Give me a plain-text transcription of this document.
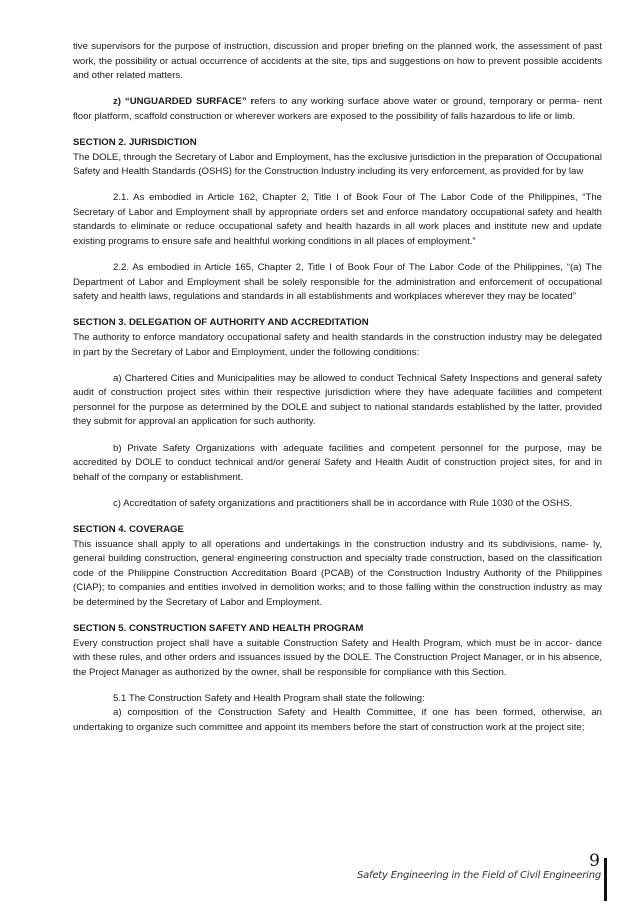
tive supervisors for the purpose of instruction, discussion and proper briefing on the planned work, the assessment of past work, the possibility or actual occurrence of accidents at the site, tips and suggestions on how to prevent possible accidents and other related matters.

z) “UNGUARDED SURFACE” refers to any working surface above water or ground, temporary or perma- nent floor platform, scaffold construction or wherever workers are exposed to the possibility of falls hazardous to life or limb.

SECTION 2. JURISDICTION
The DOLE, through the Secretary of Labor and Employment, has the exclusive jurisdiction in the preparation of Occupational Safety and Health Standards (OSHS) for the Construction Industry including its very enforcement, as provided for by law

2.1. As embodied in Article 162, Chapter 2, Title I of Book Four of The Labor Code of the Philippines, “The Secretary of Labor and Employment shall by appropriate orders set and enforce mandatory occupational safety and health standards to eliminate or reduce occupational safety and health hazards in all work places and institute new and update existing programs to ensure safe and healthful working conditions in all places of employment.”

2.2. As embodied in Article 165, Chapter 2, Title I of Book Four of The Labor Code of the Philippines, “(a) The Department of Labor and Employment shall be solely responsible for the administration and enforcement of occupational safety and health laws, regulations and standards in all establishments and workplaces wherever they may be located”

SECTION 3. DELEGATION OF AUTHORITY AND ACCREDITATION
The authority to enforce mandatory occupational safety and health standards in the construction industry may be delegated in part by the Secretary of Labor and Employment, under the following conditions:

a) Chartered Cities and Municipalities may be allowed to conduct Technical Safety Inspections and general safety audit of construction project sites within their respective jurisdiction where they have adequate facilities and competent personnel for the purpose as determined by the DOLE and subject to national standards established by the latter, provided they submit for approval an application for such authority.

b) Private Safety Organizations with adequate facilities and competent personnel for the purpose, may be accredited by DOLE to conduct technical and/or general Safety and Health Audit of construction project sites, for and in behalf of the company or establishment.

c) Accredtation of safety organizations and practitioners shall be in accordance with Rule 1030 of the OSHS.

SECTION 4. COVERAGE
This issuance shall apply to all operations and undertakings in the construction industry and its subdivisions, name- ly, general building construction, general engineering construction and specialty trade construction, based on the classification code of the Philippine Construction Accreditation Board (PCAB) of the Construction Industry Authority of the Philippines (CIAP); to companies and entities involved in demolition works; and to those falling within the construction industry as may be determined by the Secretary of Labor and Employment.

SECTION 5. CONSTRUCTION SAFETY AND HEALTH PROGRAM
Every construction project shall have a suitable Construction Safety and Health Program, which must be in accor- dance with these rules, and other orders and issuances issued by the DOLE. The Construction Project Manager, or in his absence, the Project Manager as authorized by the owner, shall be responsible for compliance with this Section.

5.1 The Construction Safety and Health Program shall state the following:

a) composition of the Construction Safety and Health Committee, if one has been formed, otherwise, an undertaking to organize such committee and appoint its members before the start of construction work at the project site;

9
Safety Engineering in the Field of Civil Engineering
